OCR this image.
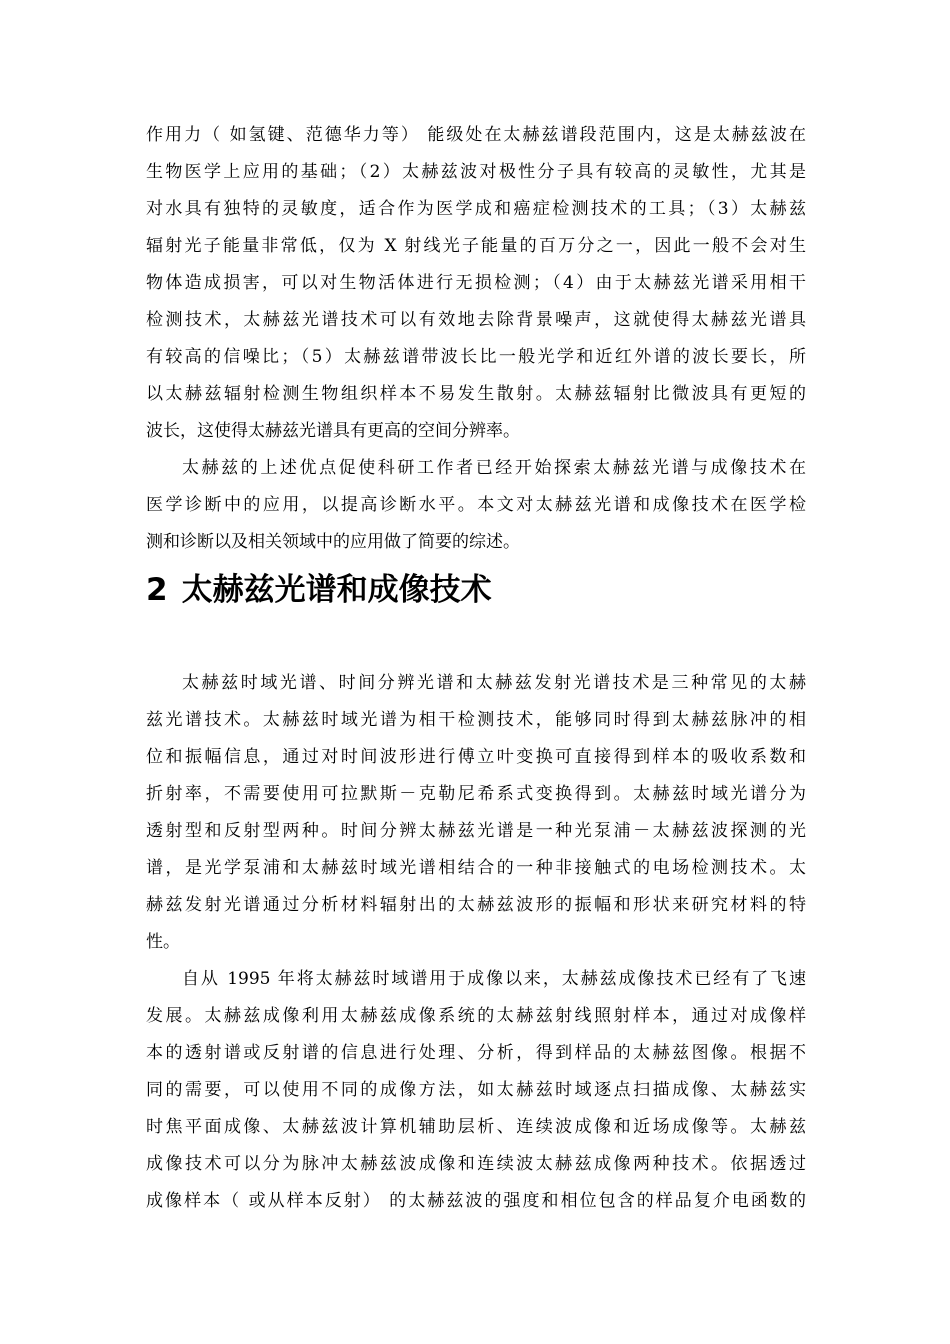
作用力（ 如氢键、范德华力等） 能级处在太赫兹谱段范围内，这是太赫兹波在
生物医学上应用的基础；（2）太赫兹波对极性分子具有较高的灵敏性，尤其是
对水具有独特的灵敏度，适合作为医学成和癌症检测技术的工具；（3）太赫兹
辐射光子能量非常低，仅为 X 射线光子能量的百万分之一，因此一般不会对生
物体造成损害，可以对生物活体进行无损检测；（4）由于太赫兹光谱采用相干
检测技术，太赫兹光谱技术可以有效地去除背景噪声，这就使得太赫兹光谱具
有较高的信噪比；（5）太赫兹谱带波长比一般光学和近红外谱的波长要长，所
以太赫兹辐射检测生物组织样本不易发生散射。太赫兹辐射比微波具有更短的
波长，这使得太赫兹光谱具有更高的空间分辨率。
太赫兹的上述优点促使科研工作者已经开始探索太赫兹光谱与成像技术在
医学诊断中的应用，以提高诊断水平。本文对太赫兹光谱和成像技术在医学检
测和诊断以及相关领域中的应用做了简要的综述。
2 太赫兹光谱和成像技术
太赫兹时域光谱、时间分辨光谱和太赫兹发射光谱技术是三种常见的太赫
兹光谱技术。太赫兹时域光谱为相干检测技术，能够同时得到太赫兹脉冲的相
位和振幅信息，通过对时间波形进行傅立叶变换可直接得到样本的吸收系数和
折射率，不需要使用可拉默斯－克勒尼希系式变换得到。太赫兹时域光谱分为
透射型和反射型两种。时间分辨太赫兹光谱是一种光泵浦－太赫兹波探测的光
谱，是光学泵浦和太赫兹时域光谱相结合的一种非接触式的电场检测技术。太
赫兹发射光谱通过分析材料辐射出的太赫兹波形的振幅和形状来研究材料的特
性。
自从 1995 年将太赫兹时域谱用于成像以来，太赫兹成像技术已经有了飞速
发展。太赫兹成像利用太赫兹成像系统的太赫兹射线照射样本，通过对成像样
本的透射谱或反射谱的信息进行处理、分析，得到样品的太赫兹图像。根据不
同的需要，可以使用不同的成像方法，如太赫兹时域逐点扫描成像、太赫兹实
时焦平面成像、太赫兹波计算机辅助层析、连续波成像和近场成像等。太赫兹
成像技术可以分为脉冲太赫兹波成像和连续波太赫兹成像两种技术。依据透过
成像样本（ 或从样本反射） 的太赫兹波的强度和相位包含的样品复介电函数的
